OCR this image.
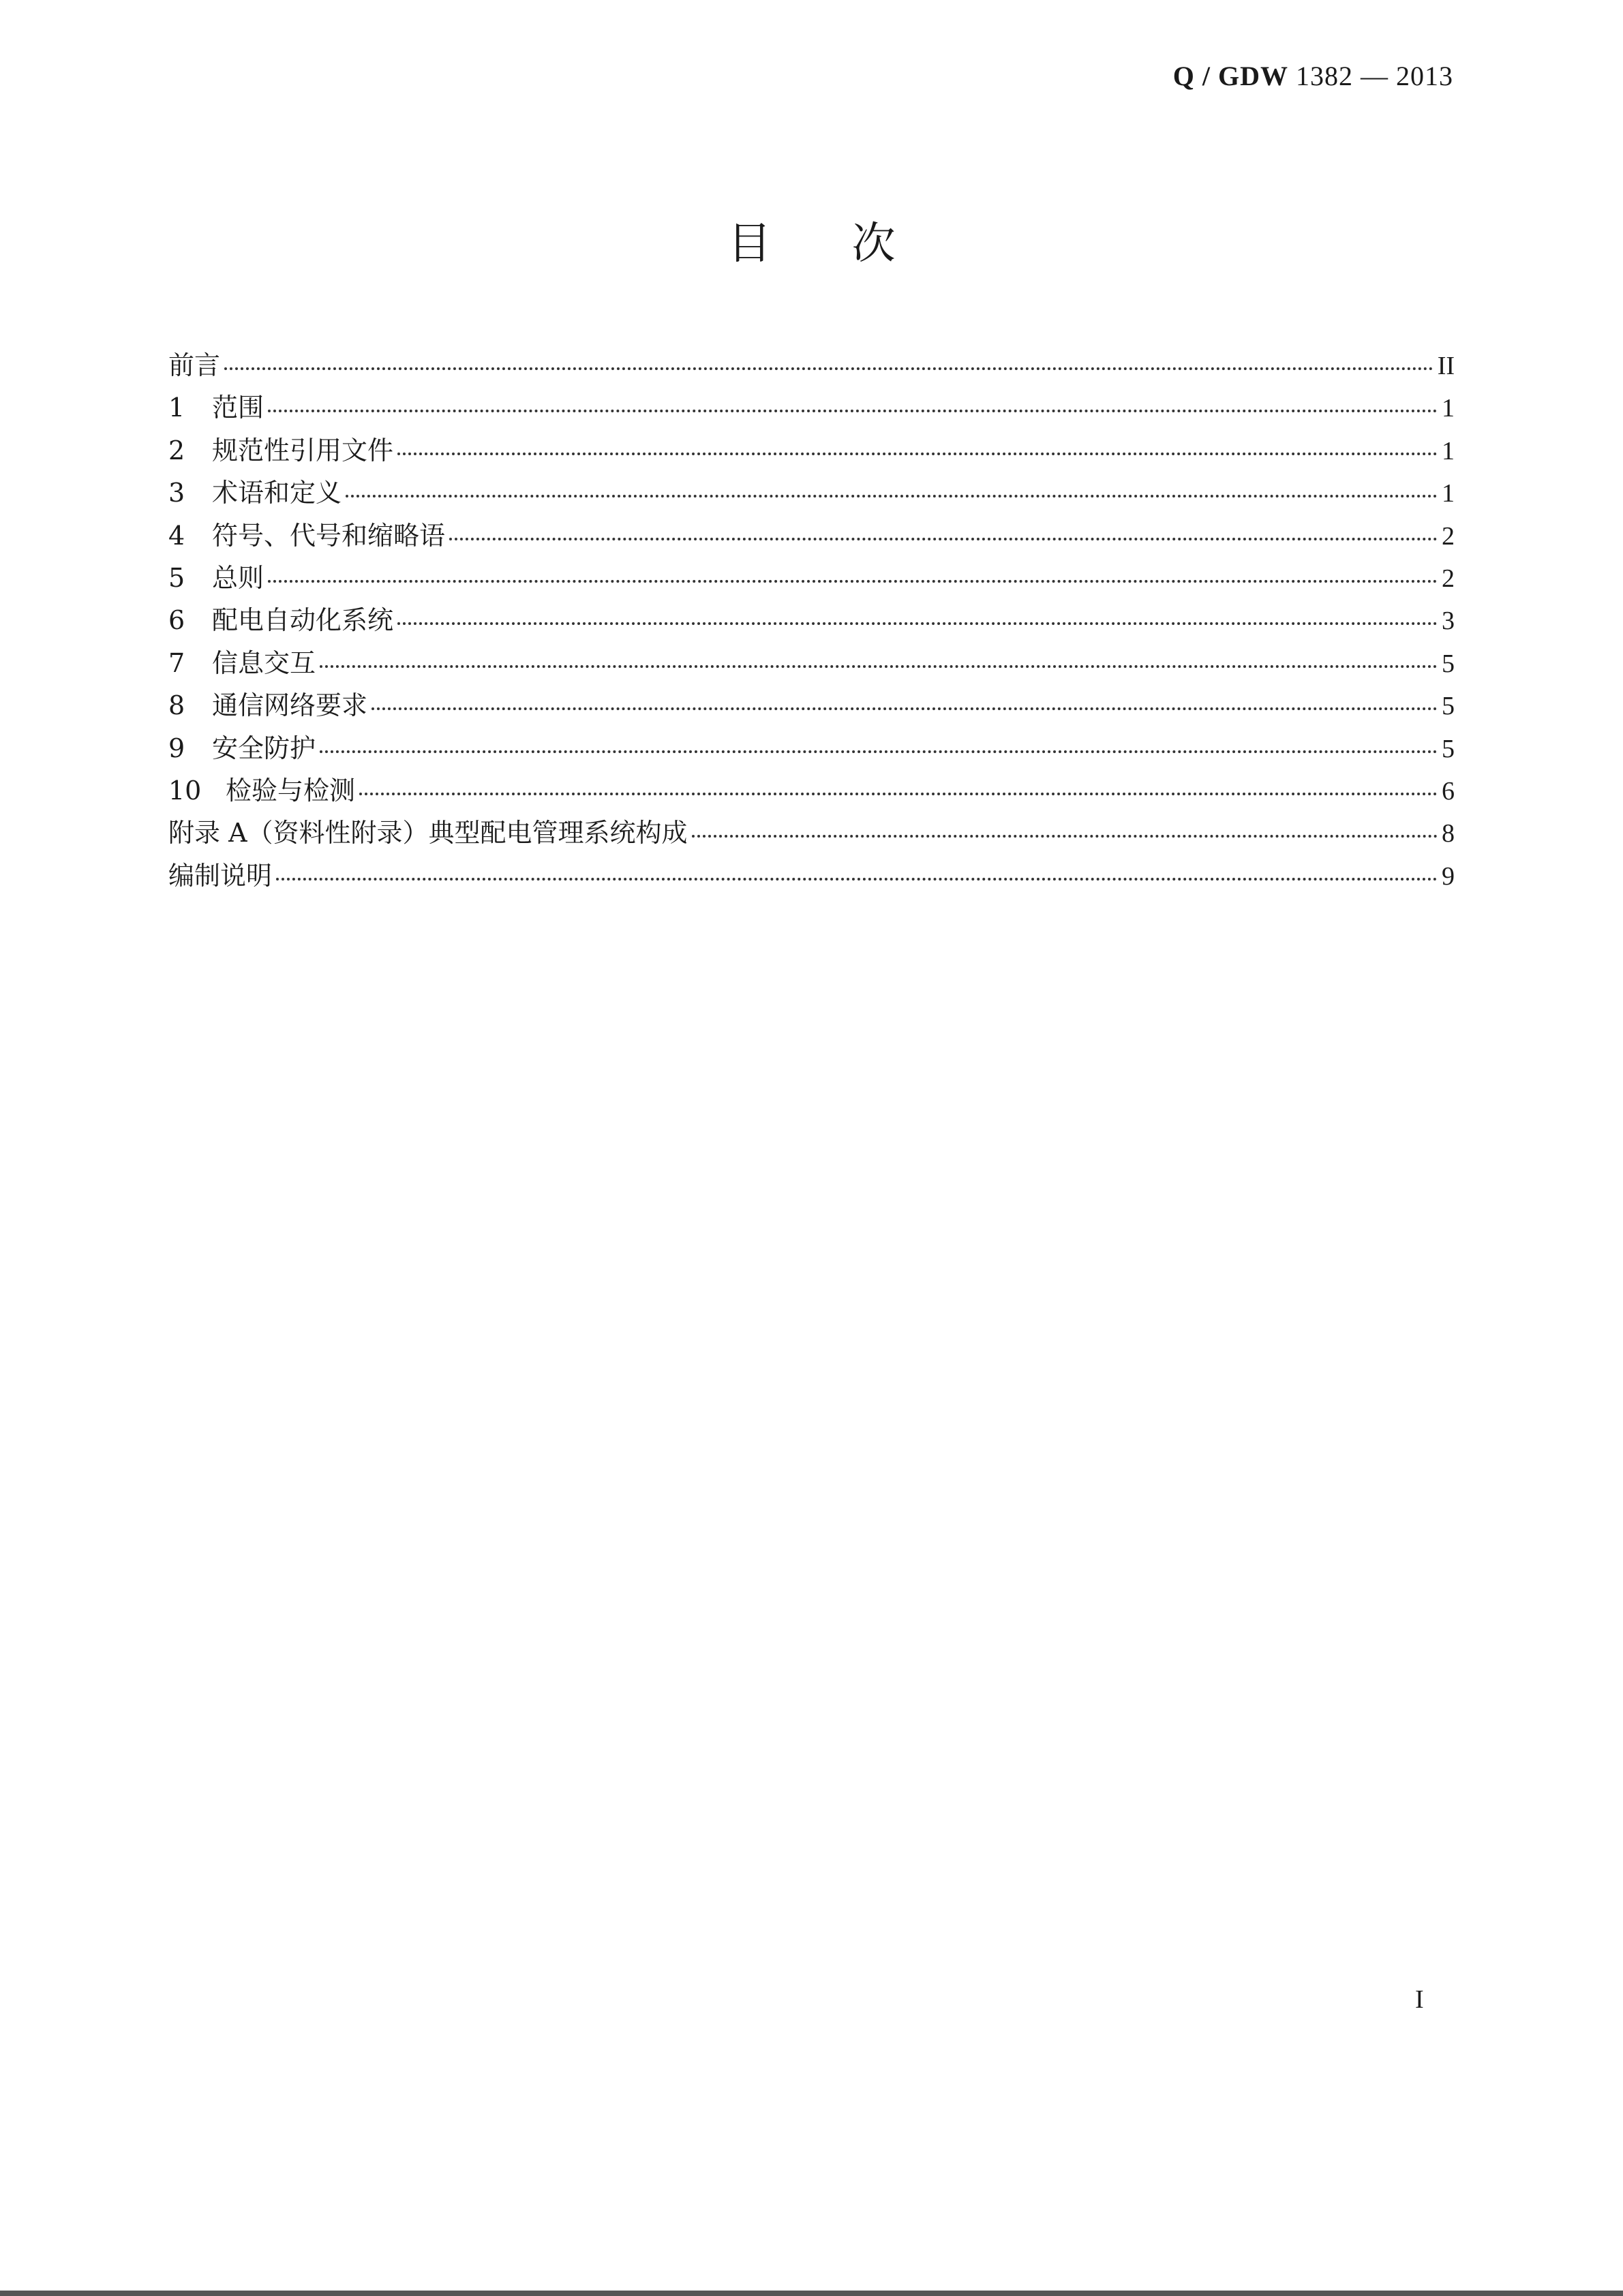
Q / GDW 1382 — 2013
目次
前言	II
1	范围	1
2	规范性引用文件	1
3	术语和定义	1
4	符号、代号和缩略语	2
5	总则	2
6	配电自动化系统	3
7	信息交互	5
8	通信网络要求	5
9	安全防护	5
10 检验与检测	6
附录 A（资料性附录）典型配电管理系统构成	8
编制说明	9
I
